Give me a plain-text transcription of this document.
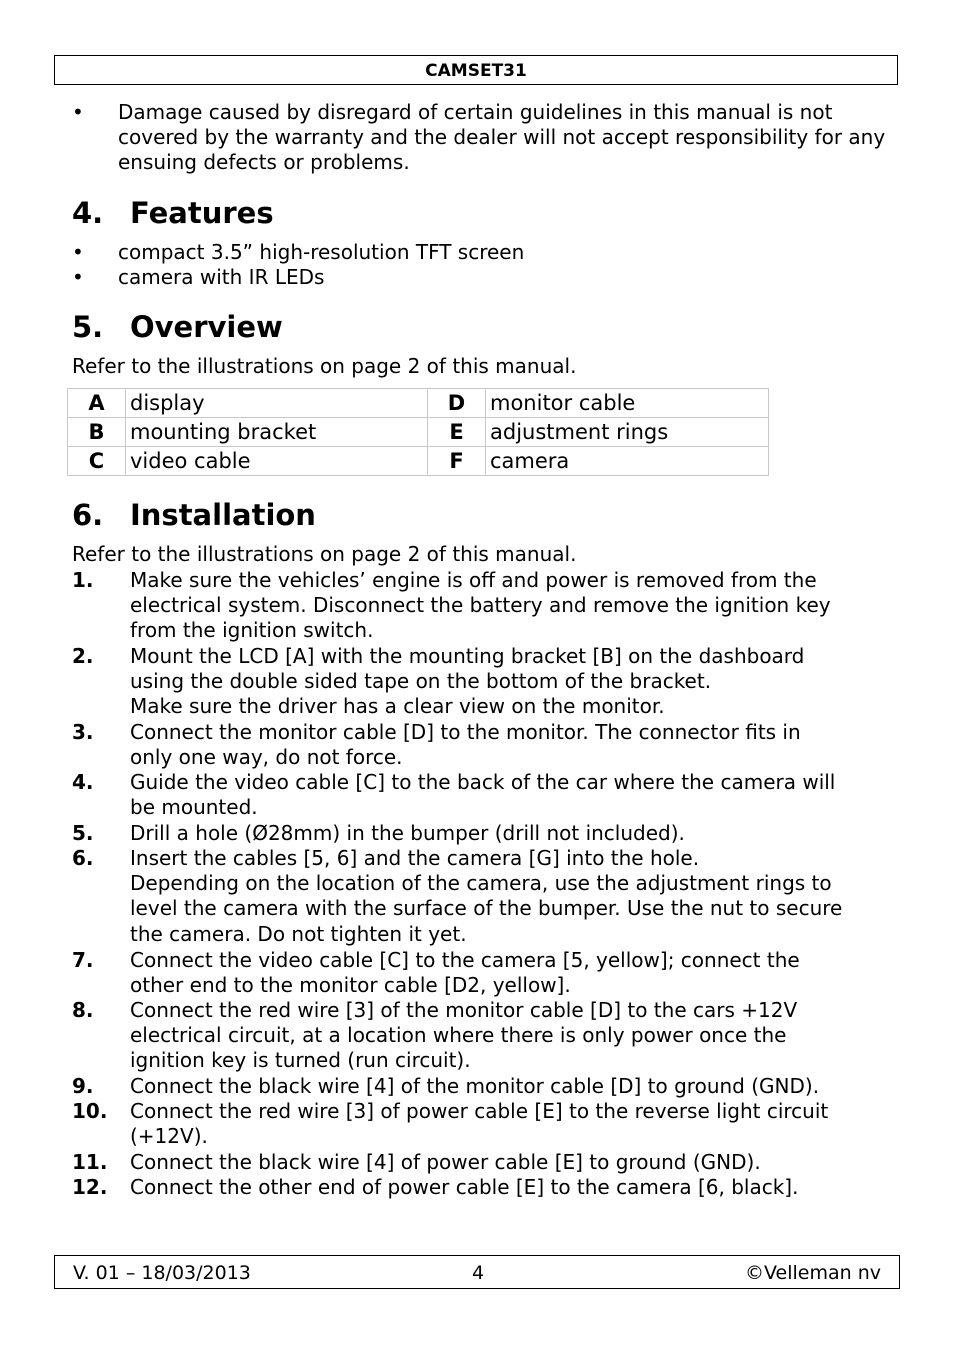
CAMSET31
• Damage caused by disregard of certain guidelines in this manual is not covered by the warranty and the dealer will not accept responsibility for any ensuing defects or problems.
4. Features
• compact 3.5” high-resolution TFT screen
• camera with IR LEDs
5. Overview
Refer to the illustrations on page 2 of this manual.
A	display	D	monitor cable
B	mounting bracket	E	adjustment rings
C	video cable	F	camera
6. Installation
Refer to the illustrations on page 2 of this manual.
1. Make sure the vehicles’ engine is off and power is removed from the
electrical system. Disconnect the battery and remove the ignition key
from the ignition switch.
2. Mount the LCD [A] with the mounting bracket [B] on the dashboard
using the double sided tape on the bottom of the bracket.
Make sure the driver has a clear view on the monitor.
3. Connect the monitor cable [D] to the monitor. The connector fits in
only one way, do not force.
4. Guide the video cable [C] to the back of the car where the camera will
be mounted.
5. Drill a hole (Ø28mm) in the bumper (drill not included).
6. Insert the cables [5, 6] and the camera [G] into the hole.
Depending on the location of the camera, use the adjustment rings to
level the camera with the surface of the bumper. Use the nut to secure
the camera. Do not tighten it yet.
7. Connect the video cable [C] to the camera [5, yellow]; connect the
other end to the monitor cable [D2, yellow].
8. Connect the red wire [3] of the monitor cable [D] to the cars +12V
electrical circuit, at a location where there is only power once the
ignition key is turned (run circuit).
9. Connect the black wire [4] of the monitor cable [D] to ground (GND).
10. Connect the red wire [3] of power cable [E] to the reverse light circuit
(+12V).
11. Connect the black wire [4] of power cable [E] to ground (GND).
12. Connect the other end of power cable [E] to the camera [6, black].
V. 01 – 18/03/2013	4	©Velleman nv
